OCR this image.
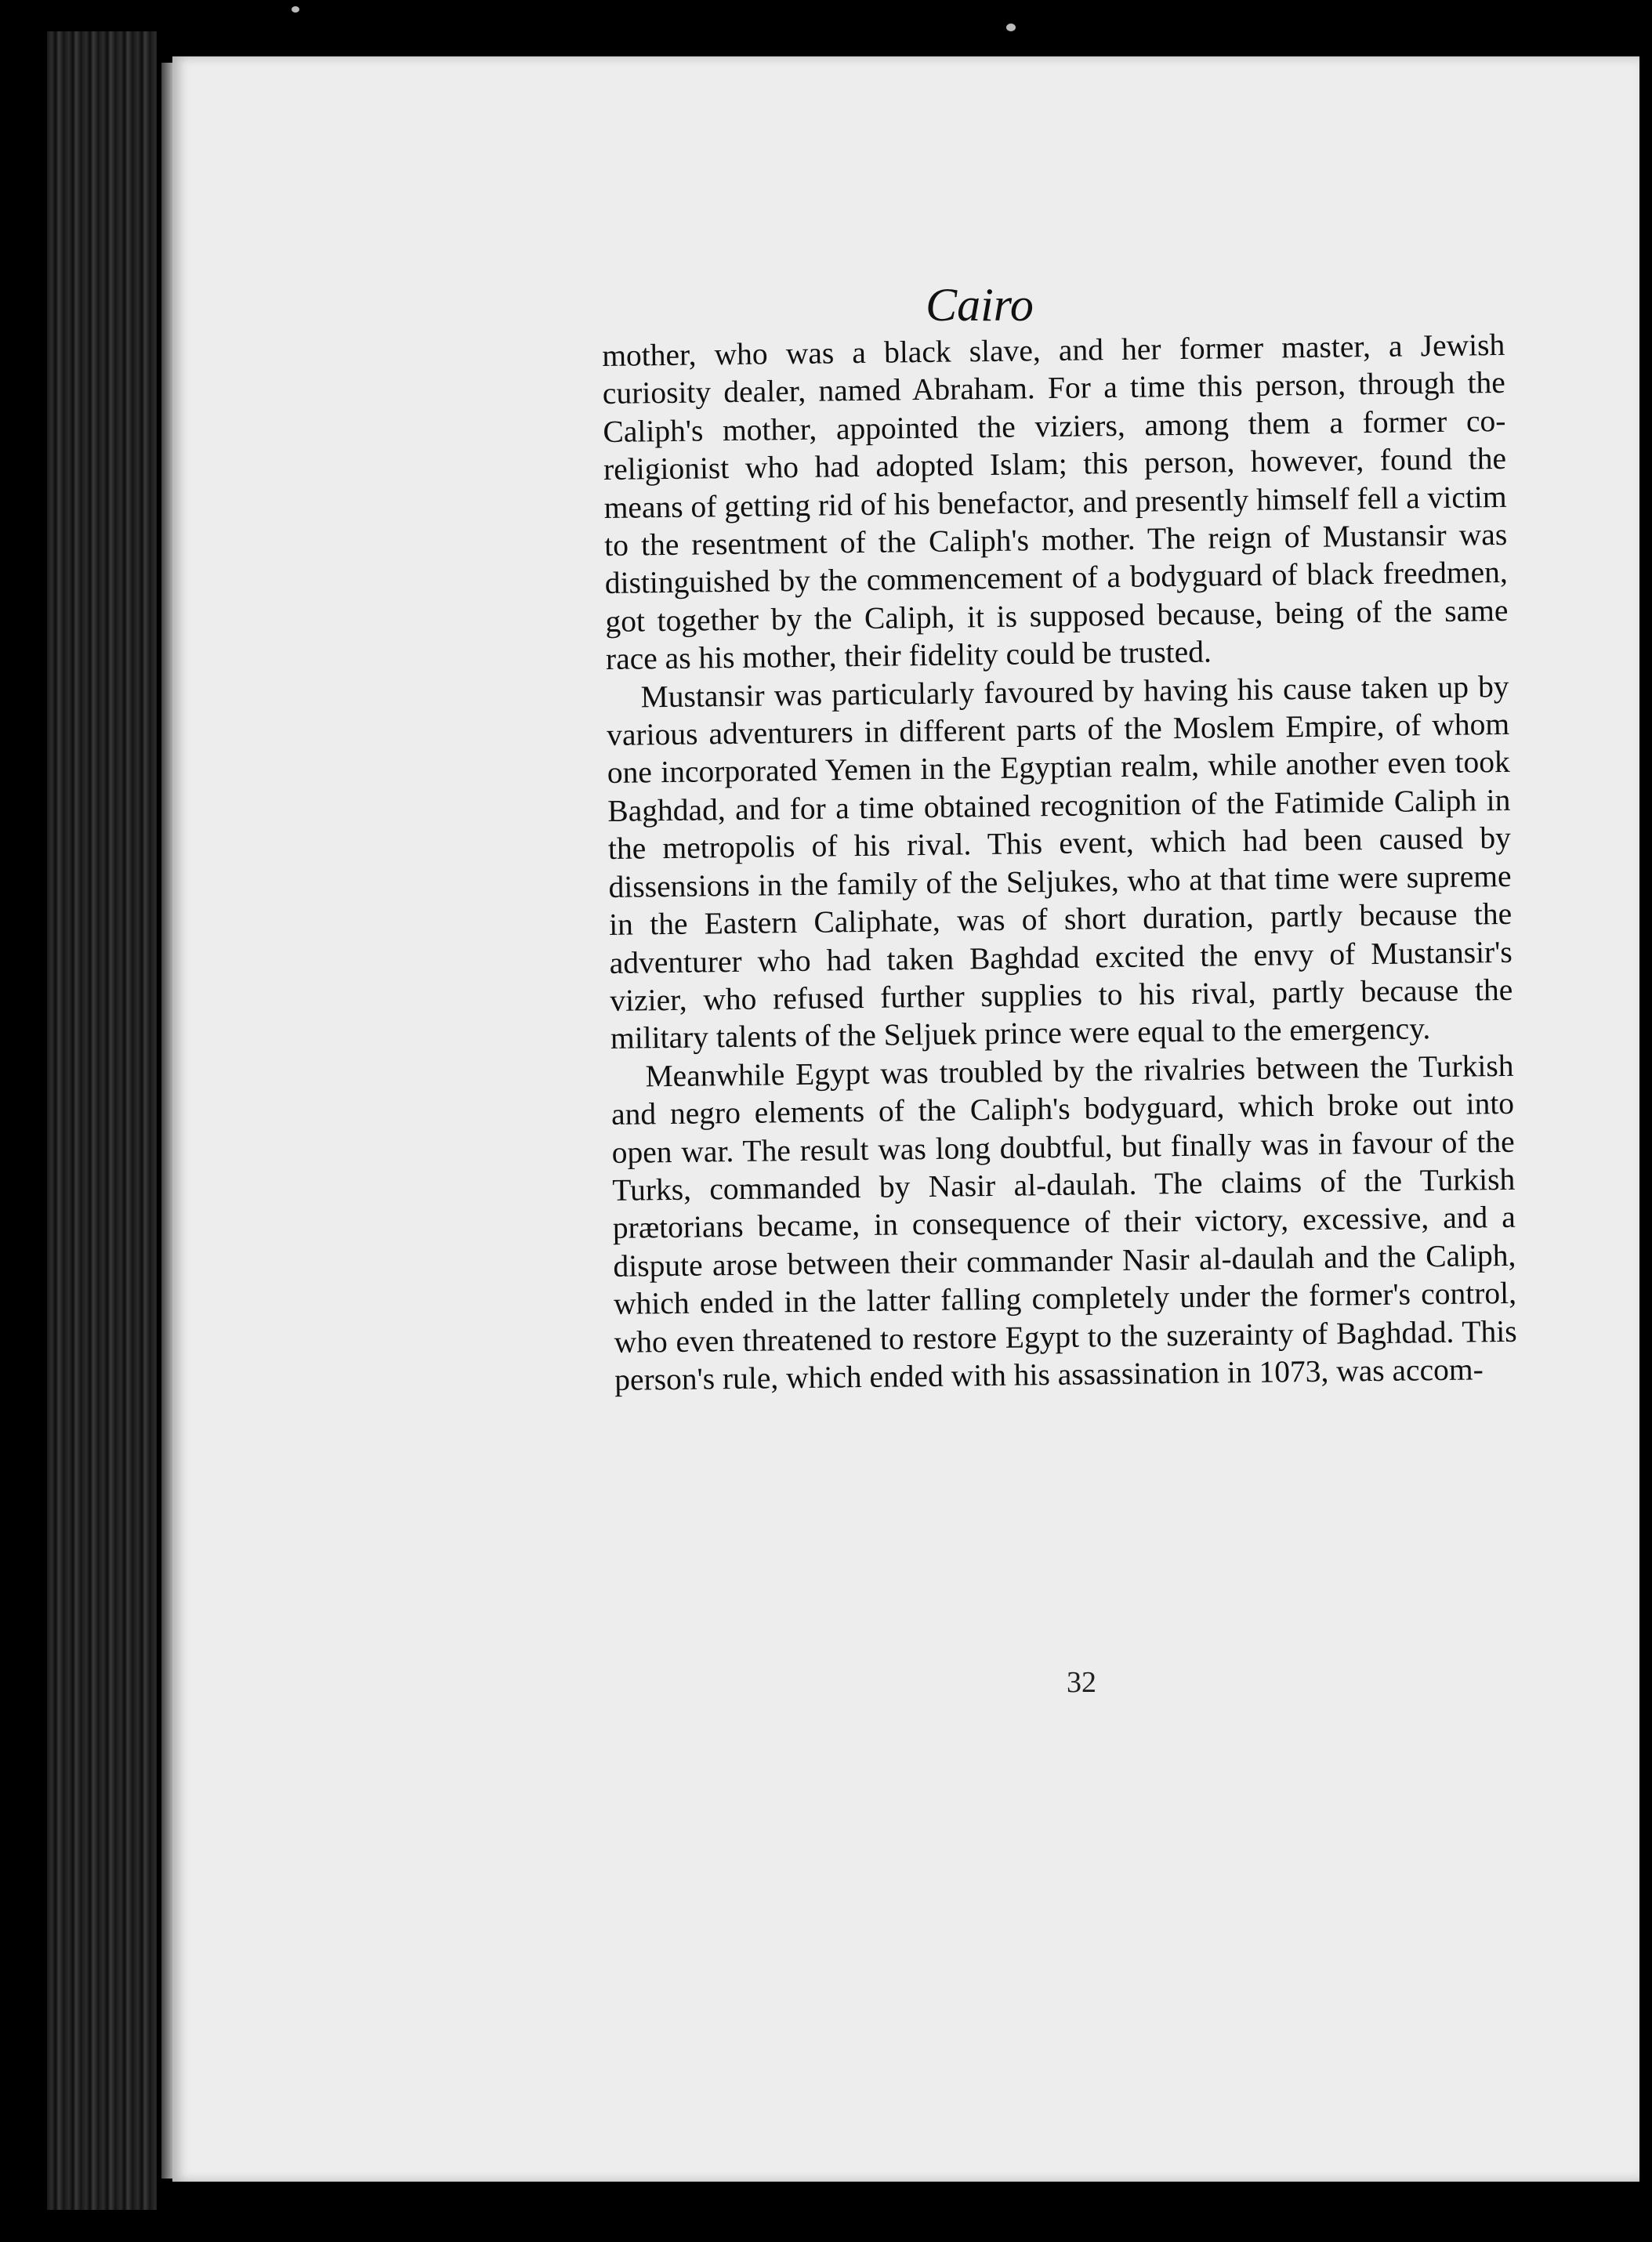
Cairo

mother, who was a black slave, and her former master, a Jewish curiosity dealer, named Abraham. For a time this person, through the Caliph's mother, appointed the viziers, among them a former co-religionist who had adopted Islam; this person, however, found the means of getting rid of his benefactor, and presently himself fell a victim to the resentment of the Caliph's mother. The reign of Mustansir was distinguished by the commencement of a bodyguard of black freedmen, got together by the Caliph, it is supposed because, being of the same race as his mother, their fidelity could be trusted.

Mustansir was particularly favoured by having his cause taken up by various adventurers in different parts of the Moslem Empire, of whom one incorporated Yemen in the Egyptian realm, while another even took Baghdad, and for a time obtained recognition of the Fatimide Caliph in the metropolis of his rival. This event, which had been caused by dissensions in the family of the Seljukes, who at that time were supreme in the Eastern Caliphate, was of short duration, partly because the adventurer who had taken Baghdad excited the envy of Mustansir's vizier, who refused further supplies to his rival, partly because the military talents of the Seljuek prince were equal to the emergency.

Meanwhile Egypt was troubled by the rivalries between the Turkish and negro elements of the Caliph's bodyguard, which broke out into open war. The result was long doubtful, but finally was in favour of the Turks, commanded by Nasir al-daulah. The claims of the Turkish prætorians became, in consequence of their victory, excessive, and a dispute arose between their commander Nasir al-daulah and the Caliph, which ended in the latter falling completely under the former's control, who even threatened to restore Egypt to the suzerainty of Baghdad. This person's rule, which ended with his assassination in 1073, was accom-

32
